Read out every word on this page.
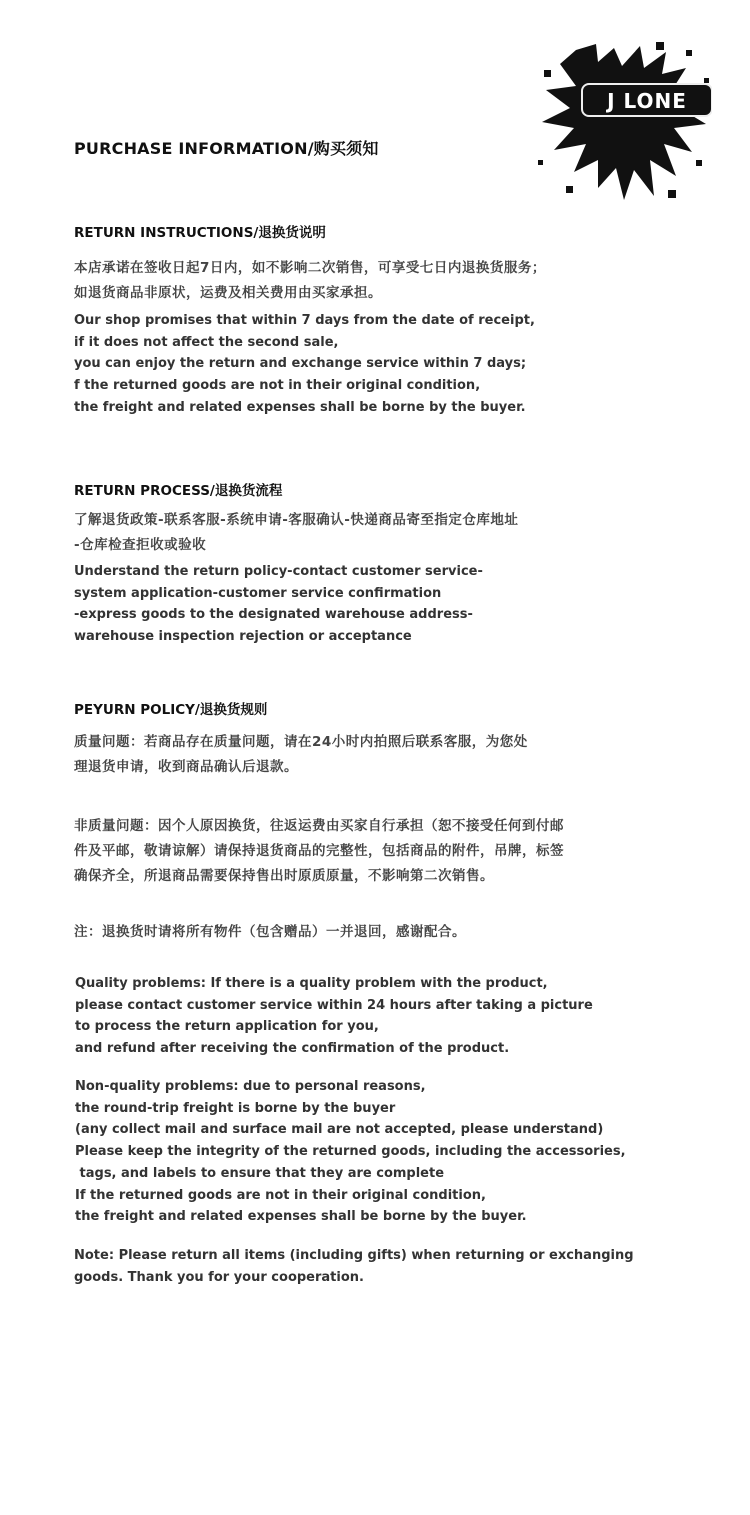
J LONE
PURCHASE INFORMATION/购买须知
RETURN INSTRUCTIONS/退换货说明
本店承诺在签收日起7日内，如不影响二次销售，可享受七日内退换货服务；
如退货商品非原状，运费及相关费用由买家承担。
Our shop promises that within 7 days from the date of receipt,
if it does not affect the second sale,
you can enjoy the return and exchange service within 7 days;
f the returned goods are not in their original condition,
the freight and related expenses shall be borne by the buyer.
RETURN PROCESS/退换货流程
了解退货政策-联系客服-系统申请-客服确认-快递商品寄至指定仓库地址
-仓库检查拒收或验收
Understand the return policy-contact customer service-
system application-customer service confirmation
-express goods to the designated warehouse address-
warehouse inspection rejection or acceptance
PEYURN POLICY/退换货规则
质量问题：若商品存在质量问题，请在24小时内拍照后联系客服，为您处
理退货申请，收到商品确认后退款。
非质量问题：因个人原因换货，往返运费由买家自行承担（恕不接受任何到付邮
件及平邮，敬请谅解）请保持退货商品的完整性，包括商品的附件，吊牌，标签
确保齐全，所退商品需要保持售出时原质原量，不影响第二次销售。
注：退换货时请将所有物件（包含赠品）一并退回，感谢配合。
Quality problems: If there is a quality problem with the product,
please contact customer service within 24 hours after taking a picture
to process the return application for you,
and refund after receiving the confirmation of the product.
Non-quality problems: due to personal reasons,
the round-trip freight is borne by the buyer
(any collect mail and surface mail are not accepted, please understand)
Please keep the integrity of the returned goods, including the accessories,
tags, and labels to ensure that they are complete
If the returned goods are not in their original condition,
the freight and related expenses shall be borne by the buyer.
Note: Please return all items (including gifts) when returning or exchanging
goods. Thank you for your cooperation.
